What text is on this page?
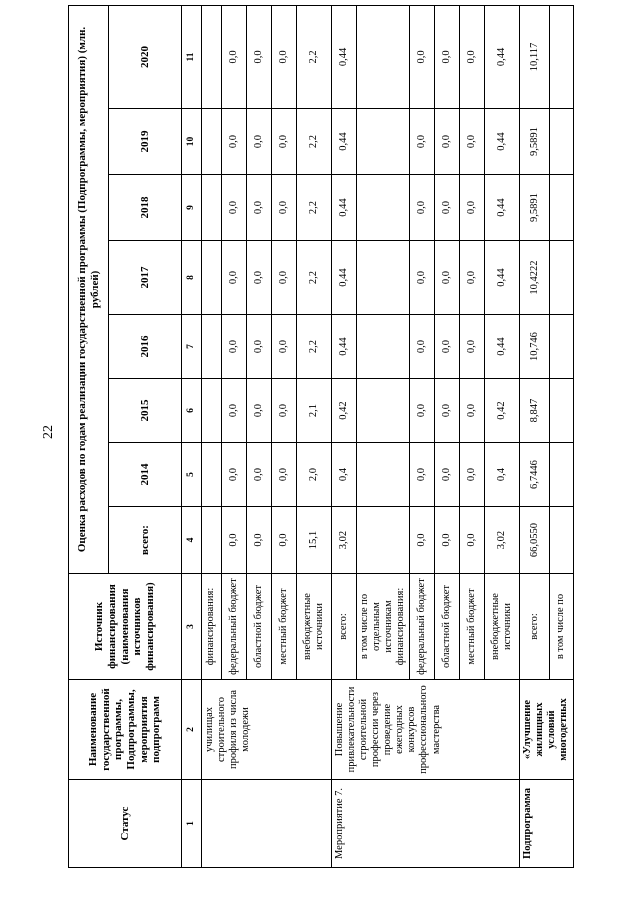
22
Статус	Наименование государственной программы, Подпрограммы, мероприятия подпрограмм	Источник финансирования (наименования источников финансирования)	Оценка расходов по годам реализации государственной программы (Подпрограммы, мероприятия) (млн. рублей)							
			всего:	2014	2015	2016	2017	2018	2019	2020
1	2	3	4	5	6	7	8	9	10	11
	училищах строительного профиля из числа молодежи	финансирования:								
		федеральный бюджет	0,0	0,0	0,0	0,0	0,0	0,0	0,0	0,0
		областной бюджет	0,0	0,0	0,0	0,0	0,0	0,0	0,0	0,0
		местный бюджет	0,0	0,0	0,0	0,0	0,0	0,0	0,0	0,0
		внебюджетные источники	15,1	2,0	2,1	2,2	2,2	2,2	2,2	2,2
Мероприятие 7.	Повышение привлекательности строительной профессии через проведение ежегодных конкурсов профессионального мастерства	всего:	3,02	0,4	0,42	0,44	0,44	0,44	0,44	0,44
		в том числе по отдельным источникам финансирования:								
		федеральный бюджет	0,0	0,0	0,0	0,0	0,0	0,0	0,0	0,0
		областной бюджет	0,0	0,0	0,0	0,0	0,0	0,0	0,0	0,0
		местный бюджет	0,0	0,0	0,0	0,0	0,0	0,0	0,0	0,0
		внебюджетные источники	3,02	0,4	0,42	0,44	0,44	0,44	0,44	0,44
Подпрограмма	«Улучшение жилищных условий многодетных	всего:	66,0550	6,7446	8,847	10,746	10,4222	9,5891	9,5891	10,117
		в том числе по								
